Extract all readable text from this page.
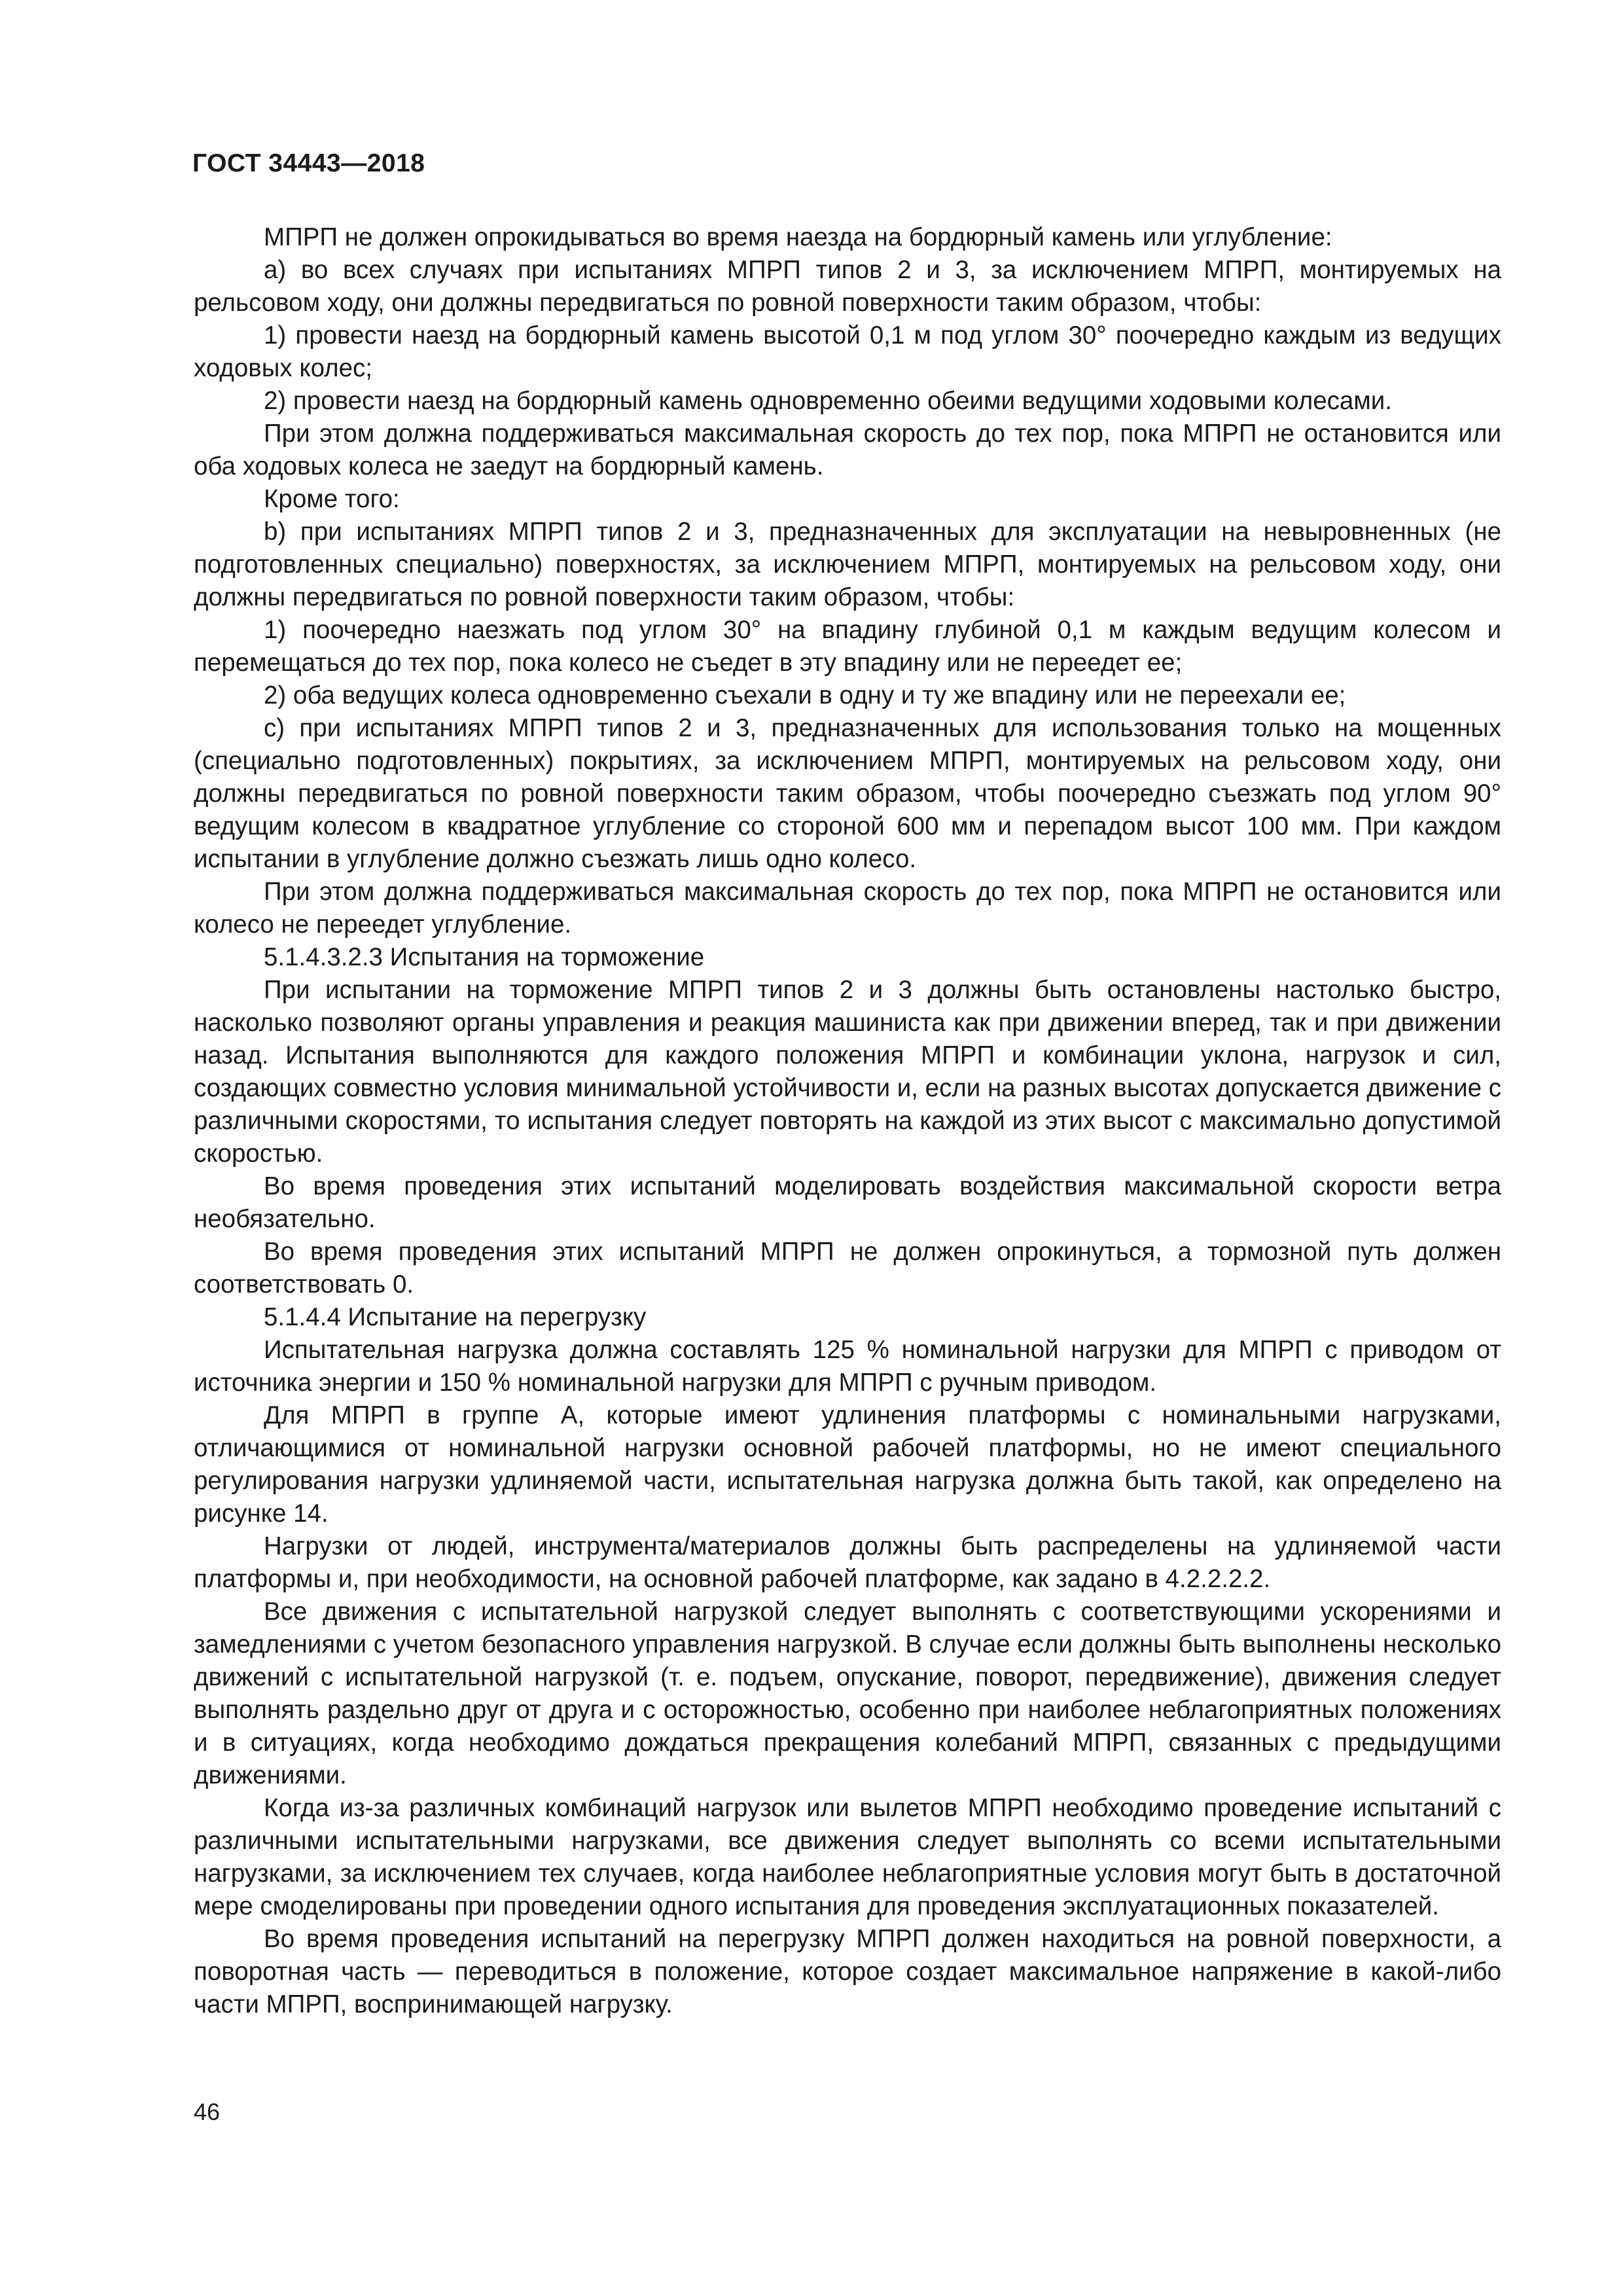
ГОСТ 34443—2018

МПРП не должен опрокидываться во время наезда на бордюрный камень или углубление:

а) во всех случаях при испытаниях МПРП типов 2 и 3, за исключением МПРП, монтируемых на рельсовом ходу, они должны передвигаться по ровной поверхности таким образом, чтобы:

1) провести наезд на бордюрный камень высотой 0,1 м под углом 30° поочередно каждым из ведущих ходовых колес;

2) провести наезд на бордюрный камень одновременно обеими ведущими ходовыми колесами.

При этом должна поддерживаться максимальная скорость до тех пор, пока МПРП не остановится или оба ходовых колеса не заедут на бордюрный камень.

Кроме того:

b) при испытаниях МПРП типов 2 и 3, предназначенных для эксплуатации на невыровненных (не подготовленных специально) поверхностях, за исключением МПРП, монтируемых на рельсовом ходу, они должны передвигаться по ровной поверхности таким образом, чтобы:

1) поочередно наезжать под углом 30° на впадину глубиной 0,1 м каждым ведущим колесом и перемещаться до тех пор, пока колесо не съедет в эту впадину или не переедет ее;

2) оба ведущих колеса одновременно съехали в одну и ту же впадину или не переехали ее;

c) при испытаниях МПРП типов 2 и 3, предназначенных для использования только на мощенных (специально подготовленных) покрытиях, за исключением МПРП, монтируемых на рельсовом ходу, они должны передвигаться по ровной поверхности таким образом, чтобы поочередно съезжать под углом 90° ведущим колесом в квадратное углубление со стороной 600 мм и перепадом высот 100 мм. При каждом испытании в углубление должно съезжать лишь одно колесо.

При этом должна поддерживаться максимальная скорость до тех пор, пока МПРП не остановится или колесо не переедет углубление.

5.1.4.3.2.3 Испытания на торможение

При испытании на торможение МПРП типов 2 и 3 должны быть остановлены настолько быстро, насколько позволяют органы управления и реакция машиниста как при движении вперед, так и при движении назад. Испытания выполняются для каждого положения МПРП и комбинации уклона, нагрузок и сил, создающих совместно условия минимальной устойчивости и, если на разных высотах допускается движение с различными скоростями, то испытания следует повторять на каждой из этих высот с максимально допустимой скоростью.

Во время проведения этих испытаний моделировать воздействия максимальной скорости ветра необязательно.

Во время проведения этих испытаний МПРП не должен опрокинуться, а тормозной путь должен соответствовать 0.

5.1.4.4 Испытание на перегрузку

Испытательная нагрузка должна составлять 125 % номинальной нагрузки для МПРП с приводом от источника энергии и 150 % номинальной нагрузки для МПРП с ручным приводом.

Для МПРП в группе А, которые имеют удлинения платформы с номинальными нагрузками, отличающимися от номинальной нагрузки основной рабочей платформы, но не имеют специального регулирования нагрузки удлиняемой части, испытательная нагрузка должна быть такой, как определено на рисунке 14.

Нагрузки от людей, инструмента/материалов должны быть распределены на удлиняемой части платформы и, при необходимости, на основной рабочей платформе, как задано в 4.2.2.2.2.

Все движения с испытательной нагрузкой следует выполнять с соответствующими ускорениями и замедлениями с учетом безопасного управления нагрузкой. В случае если должны быть выполнены несколько движений с испытательной нагрузкой (т. е. подъем, опускание, поворот, передвижение), движения следует выполнять раздельно друг от друга и с осторожностью, особенно при наиболее неблагоприятных положениях и в ситуациях, когда необходимо дождаться прекращения колебаний МПРП, связанных с предыдущими движениями.

Когда из-за различных комбинаций нагрузок или вылетов МПРП необходимо проведение испытаний с различными испытательными нагрузками, все движения следует выполнять со всеми испытательными нагрузками, за исключением тех случаев, когда наиболее неблагоприятные условия могут быть в достаточной мере смоделированы при проведении одного испытания для проведения эксплуатационных показателей.

Во время проведения испытаний на перегрузку МПРП должен находиться на ровной поверхности, а поворотная часть — переводиться в положение, которое создает максимальное напряжение в какой-либо части МПРП, воспринимающей нагрузку.

46
